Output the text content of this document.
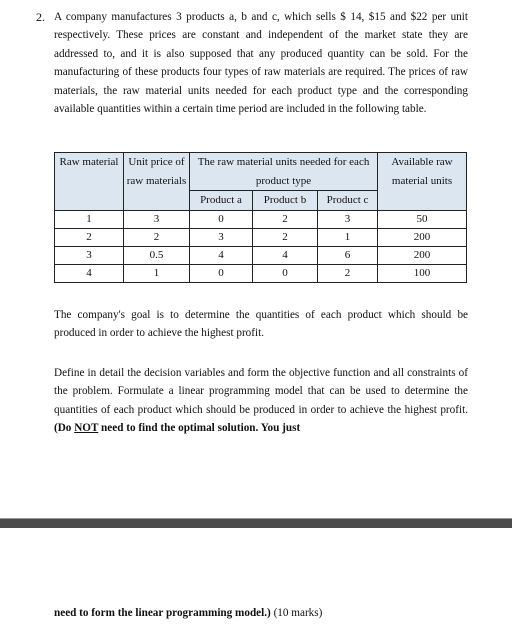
2. A company manufactures 3 products a, b and c, which sells $ 14, $15 and $22 per unit respectively. These prices are constant and independent of the market state they are addressed to, and it is also supposed that any produced quantity can be sold. For the manufacturing of these products four types of raw materials are required. The prices of raw materials, the raw material units needed for each product type and the corresponding available quantities within a certain time period are included in the following table.

Raw material	Unit price of raw materials	The raw material units needed for each product type			Available raw material units
		Product a	Product b	Product c	
1	3	0	2	3	50
2	2	3	2	1	200
3	0.5	4	4	6	200
4	1	0	0	2	100

The company's goal is to determine the quantities of each product which should be produced in order to achieve the highest profit.

Define in detail the decision variables and form the objective function and all constraints of the problem. Formulate a linear programming model that can be used to determine the quantities of each product which should be produced in order to achieve the highest profit. (Do NOT need to find the optimal solution. You just

need to form the linear programming model.) (10 marks)
